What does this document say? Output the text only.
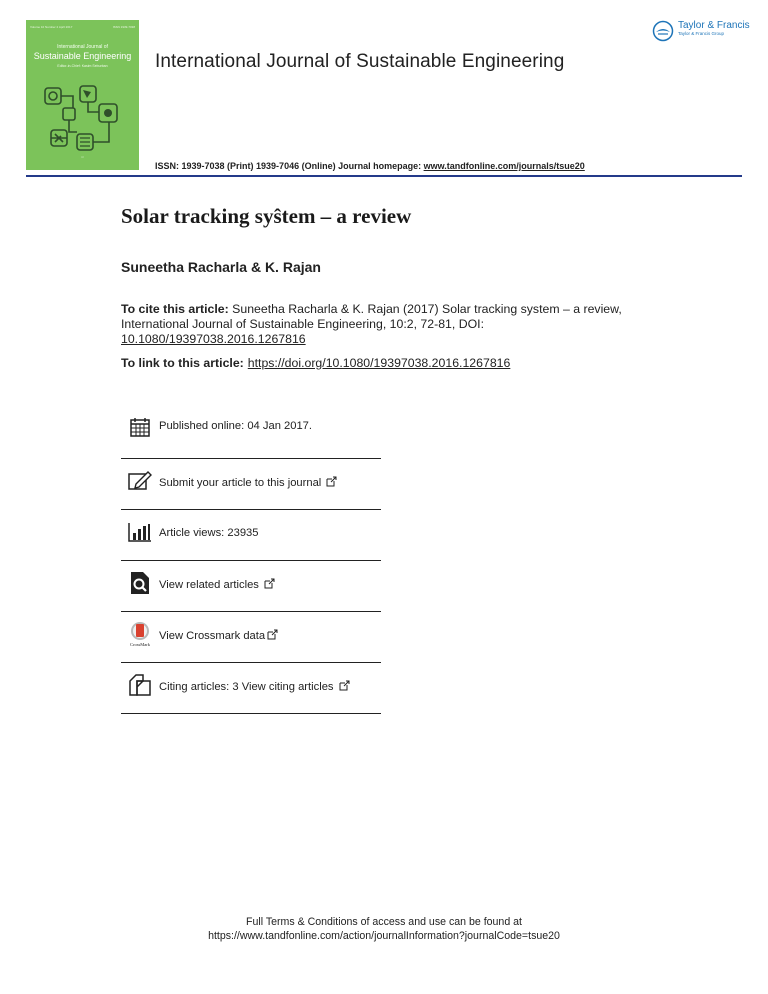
Volume 10 Number 2 April 2017	ISSN 1939-7038
International Journal of
Sustainable Engineering
Editor-in-Chief: Kasim Seburban
⬭
International Journal of Sustainable Engineering
Taylor & Francis
Taylor & Francis Group
ISSN: 1939-7038 (Print) 1939-7046 (Online) Journal homepage: www.tandfonline.com/journals/tsue20
Solar tracking syŝtem – a review
Suneetha Racharla & K. Rajan
To cite this article: Suneetha Racharla & K. Rajan (2017) Solar tracking system – a review, International Journal of Sustainable Engineering, 10:2, 72-81, DOI:
10.1080/19397038.2016.1267816
To link to this article: https://doi.org/10.1080/19397038.2016.1267816
Published online: 04 Jan 2017.
Submit your article to this journal
Article views: 23935
View related articles
CrossMark
View Crossmark data
Citing articles: 3 View citing articles
Full Terms & Conditions of access and use can be found at
https://www.tandfonline.com/action/journalInformation?journalCode=tsue20
